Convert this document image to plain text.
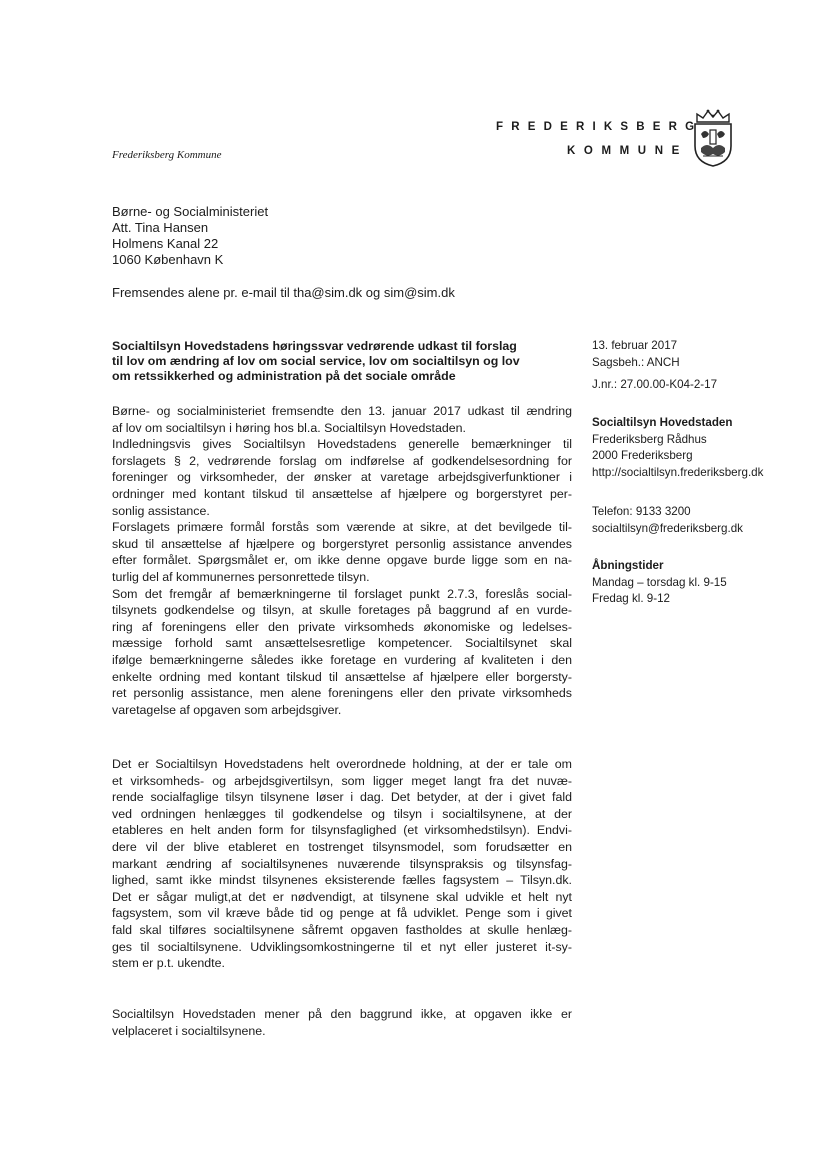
Frederiksberg Kommune
FREDERIKSBERG
KOMMUNE
Børne- og Socialministeriet
Att. Tina Hansen
Holmens Kanal 22
1060 København K
Fremsendes alene pr. e-mail til tha@sim.dk og sim@sim.dk
Socialtilsyn Hovedstadens høringssvar vedrørende udkast til forslag
til lov om ændring af lov om social service, lov om socialtilsyn og lov
om retssikkerhed og administration på det sociale område
Børne- og socialministeriet fremsendte den 13. januar 2017 udkast til ændring
af lov om socialtilsyn i høring hos bl.a. Socialtilsyn Hovedstaden.
Indledningsvis gives Socialtilsyn Hovedstadens generelle bemærkninger til
forslagets § 2, vedrørende forslag om indførelse af godkendelsesordning for
foreninger og virksomheder, der ønsker at varetage arbejdsgiverfunktioner i
ordninger med kontant tilskud til ansættelse af hjælpere og borgerstyret per-
sonlig assistance.
Forslagets primære formål forstås som værende at sikre, at det bevilgede til-
skud til ansættelse af hjælpere og borgerstyret personlig assistance anvendes
efter formålet. Spørgsmålet er, om ikke denne opgave burde ligge som en na-
turlig del af kommunernes personrettede tilsyn.
Som det fremgår af bemærkningerne til forslaget punkt 2.7.3, foreslås social-
tilsynets godkendelse og tilsyn, at skulle foretages på baggrund af en vurde-
ring af foreningens eller den private virksomheds økonomiske og ledelses-
mæssige forhold samt ansættelsesretlige kompetencer. Socialtilsynet skal
ifølge bemærkningerne således ikke foretage en vurdering af kvaliteten i den
enkelte ordning med kontant tilskud til ansættelse af hjælpere eller borgersty-
ret personlig assistance, men alene foreningens eller den private virksomheds
varetagelse af opgaven som arbejdsgiver.
Det er Socialtilsyn Hovedstadens helt overordnede holdning, at der er tale om
et virksomheds- og arbejdsgivertilsyn, som ligger meget langt fra det nuvæ-
rende socialfaglige tilsyn tilsynene løser i dag. Det betyder, at der i givet fald
ved ordningen henlægges til godkendelse og tilsyn i socialtilsynene, at der
etableres en helt anden form for tilsynsfaglighed (et virksomhedstilsyn). Endvi-
dere vil der blive etableret en tostrenget tilsynsmodel, som forudsætter en
markant ændring af socialtilsynenes nuværende tilsynspraksis og tilsynsfag-
lighed, samt ikke mindst tilsynenes eksisterende fælles fagsystem – Tilsyn.dk.
Det er sågar muligt,at det er nødvendigt, at tilsynene skal udvikle et helt nyt
fagsystem, som vil kræve både tid og penge at få udviklet. Penge som i givet
fald skal tilføres socialtilsynene såfremt opgaven fastholdes at skulle henlæg-
ges til socialtilsynene. Udviklingsomkostningerne til et nyt eller justeret it-sy-
stem er p.t. ukendte.
Socialtilsyn Hovedstaden mener på den baggrund ikke, at opgaven ikke er
velplaceret i socialtilsynene.
13. februar 2017
Sagsbeh.: ANCH
J.nr.: 27.00.00-K04-2-17
Socialtilsyn Hovedstaden
Frederiksberg Rådhus
2000 Frederiksberg
http://socialtilsyn.frederiksberg.dk
Telefon: 9133 3200
socialtilsyn@frederiksberg.dk
Åbningstider
Mandag – torsdag kl. 9-15
Fredag kl. 9-12
